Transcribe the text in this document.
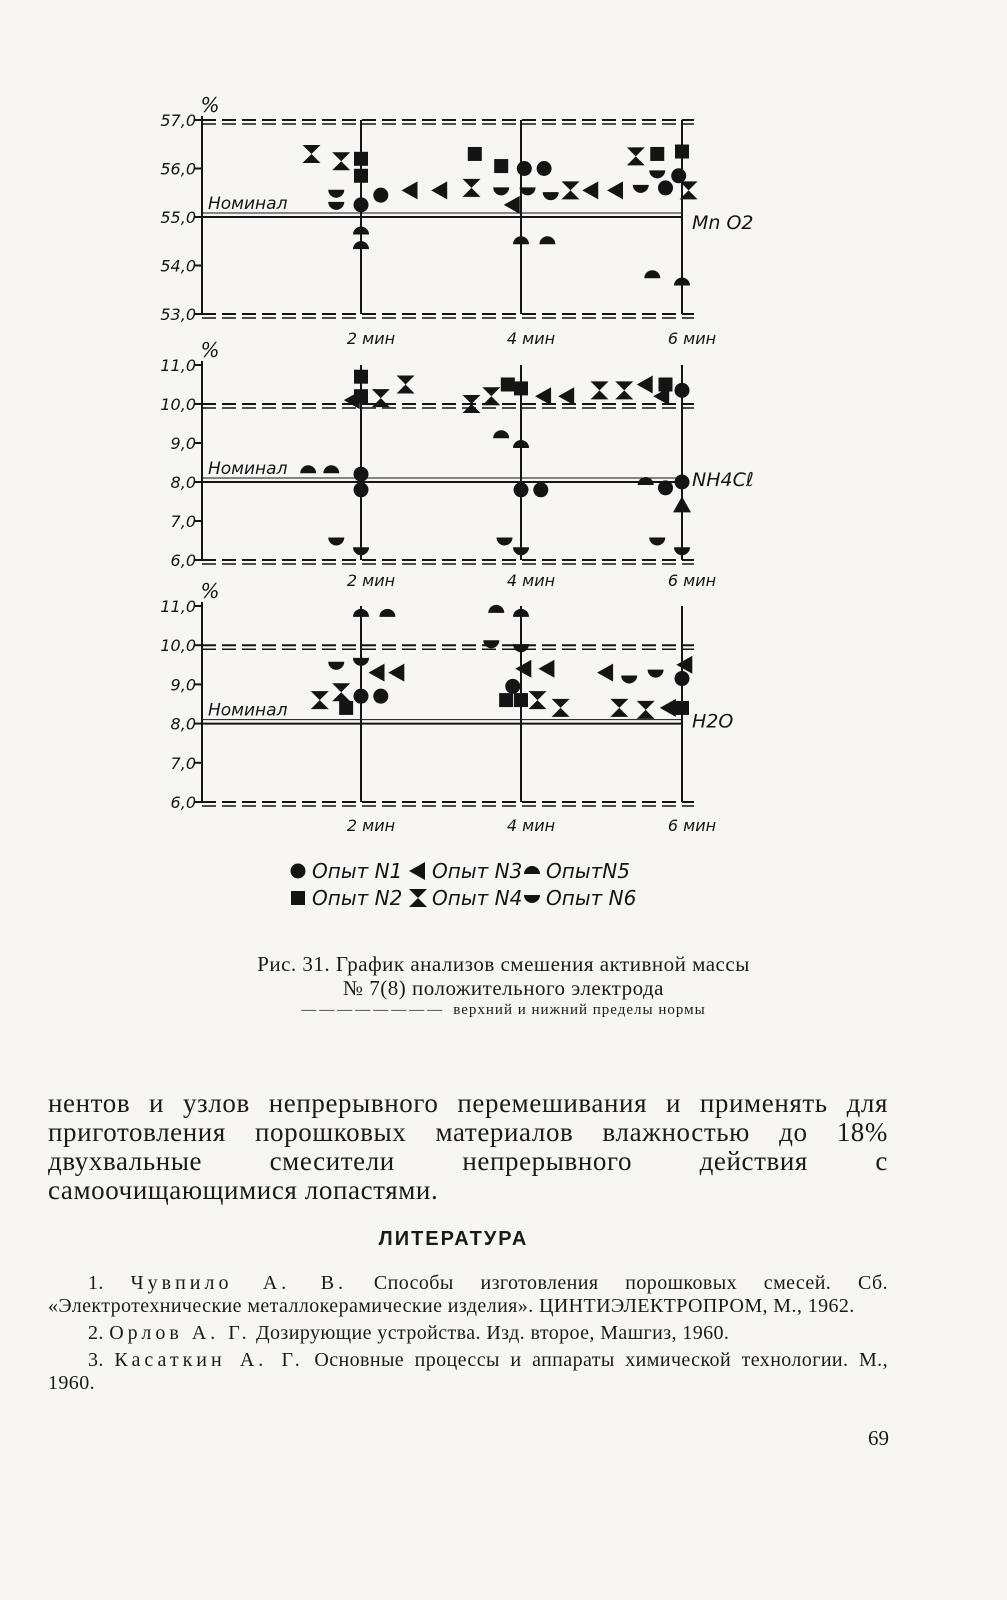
Номинал
53,0
54,0
55,0
56,0
57,0
%
2 мин	4 мин	6 мин
Mn O2
Номинал
6,0
7,0
8,0
9,0
10,0
11,0
%
2 мин	4 мин	6 мин
NH4Cℓ
Номинал
6,0
7,0
8,0
9,0
10,0
11,0
%
2 мин	4 мин	6 мин
H2O
Опыт N1
Опыт N2
Опыт N3
Опыт N4
ОпытN5
Опыт N6
Рис. 31. График анализов смешения активной массы
№ 7(8) положительного электрода
———————— верхний и нижний пределы нормы

нентов и узлов непрерывного перемешивания и применять для приготовления порошковых материалов влажностью до 18% двухвальные смесители непрерывного действия с самоочищающимися лопастями.

ЛИТЕРАТУРА
1. Чувпило А. В. Способы изготовления порошковых смесей. Сб. «Электротехнические металлокерамические изделия». ЦИНТИЭЛЕКТРОПРОМ, М., 1962.
2. Орлов А. Г. Дозирующие устройства. Изд. второе, Машгиз, 1960.
3. Касаткин А. Г. Основные процессы и аппараты химической технологии. М., 1960.
69
